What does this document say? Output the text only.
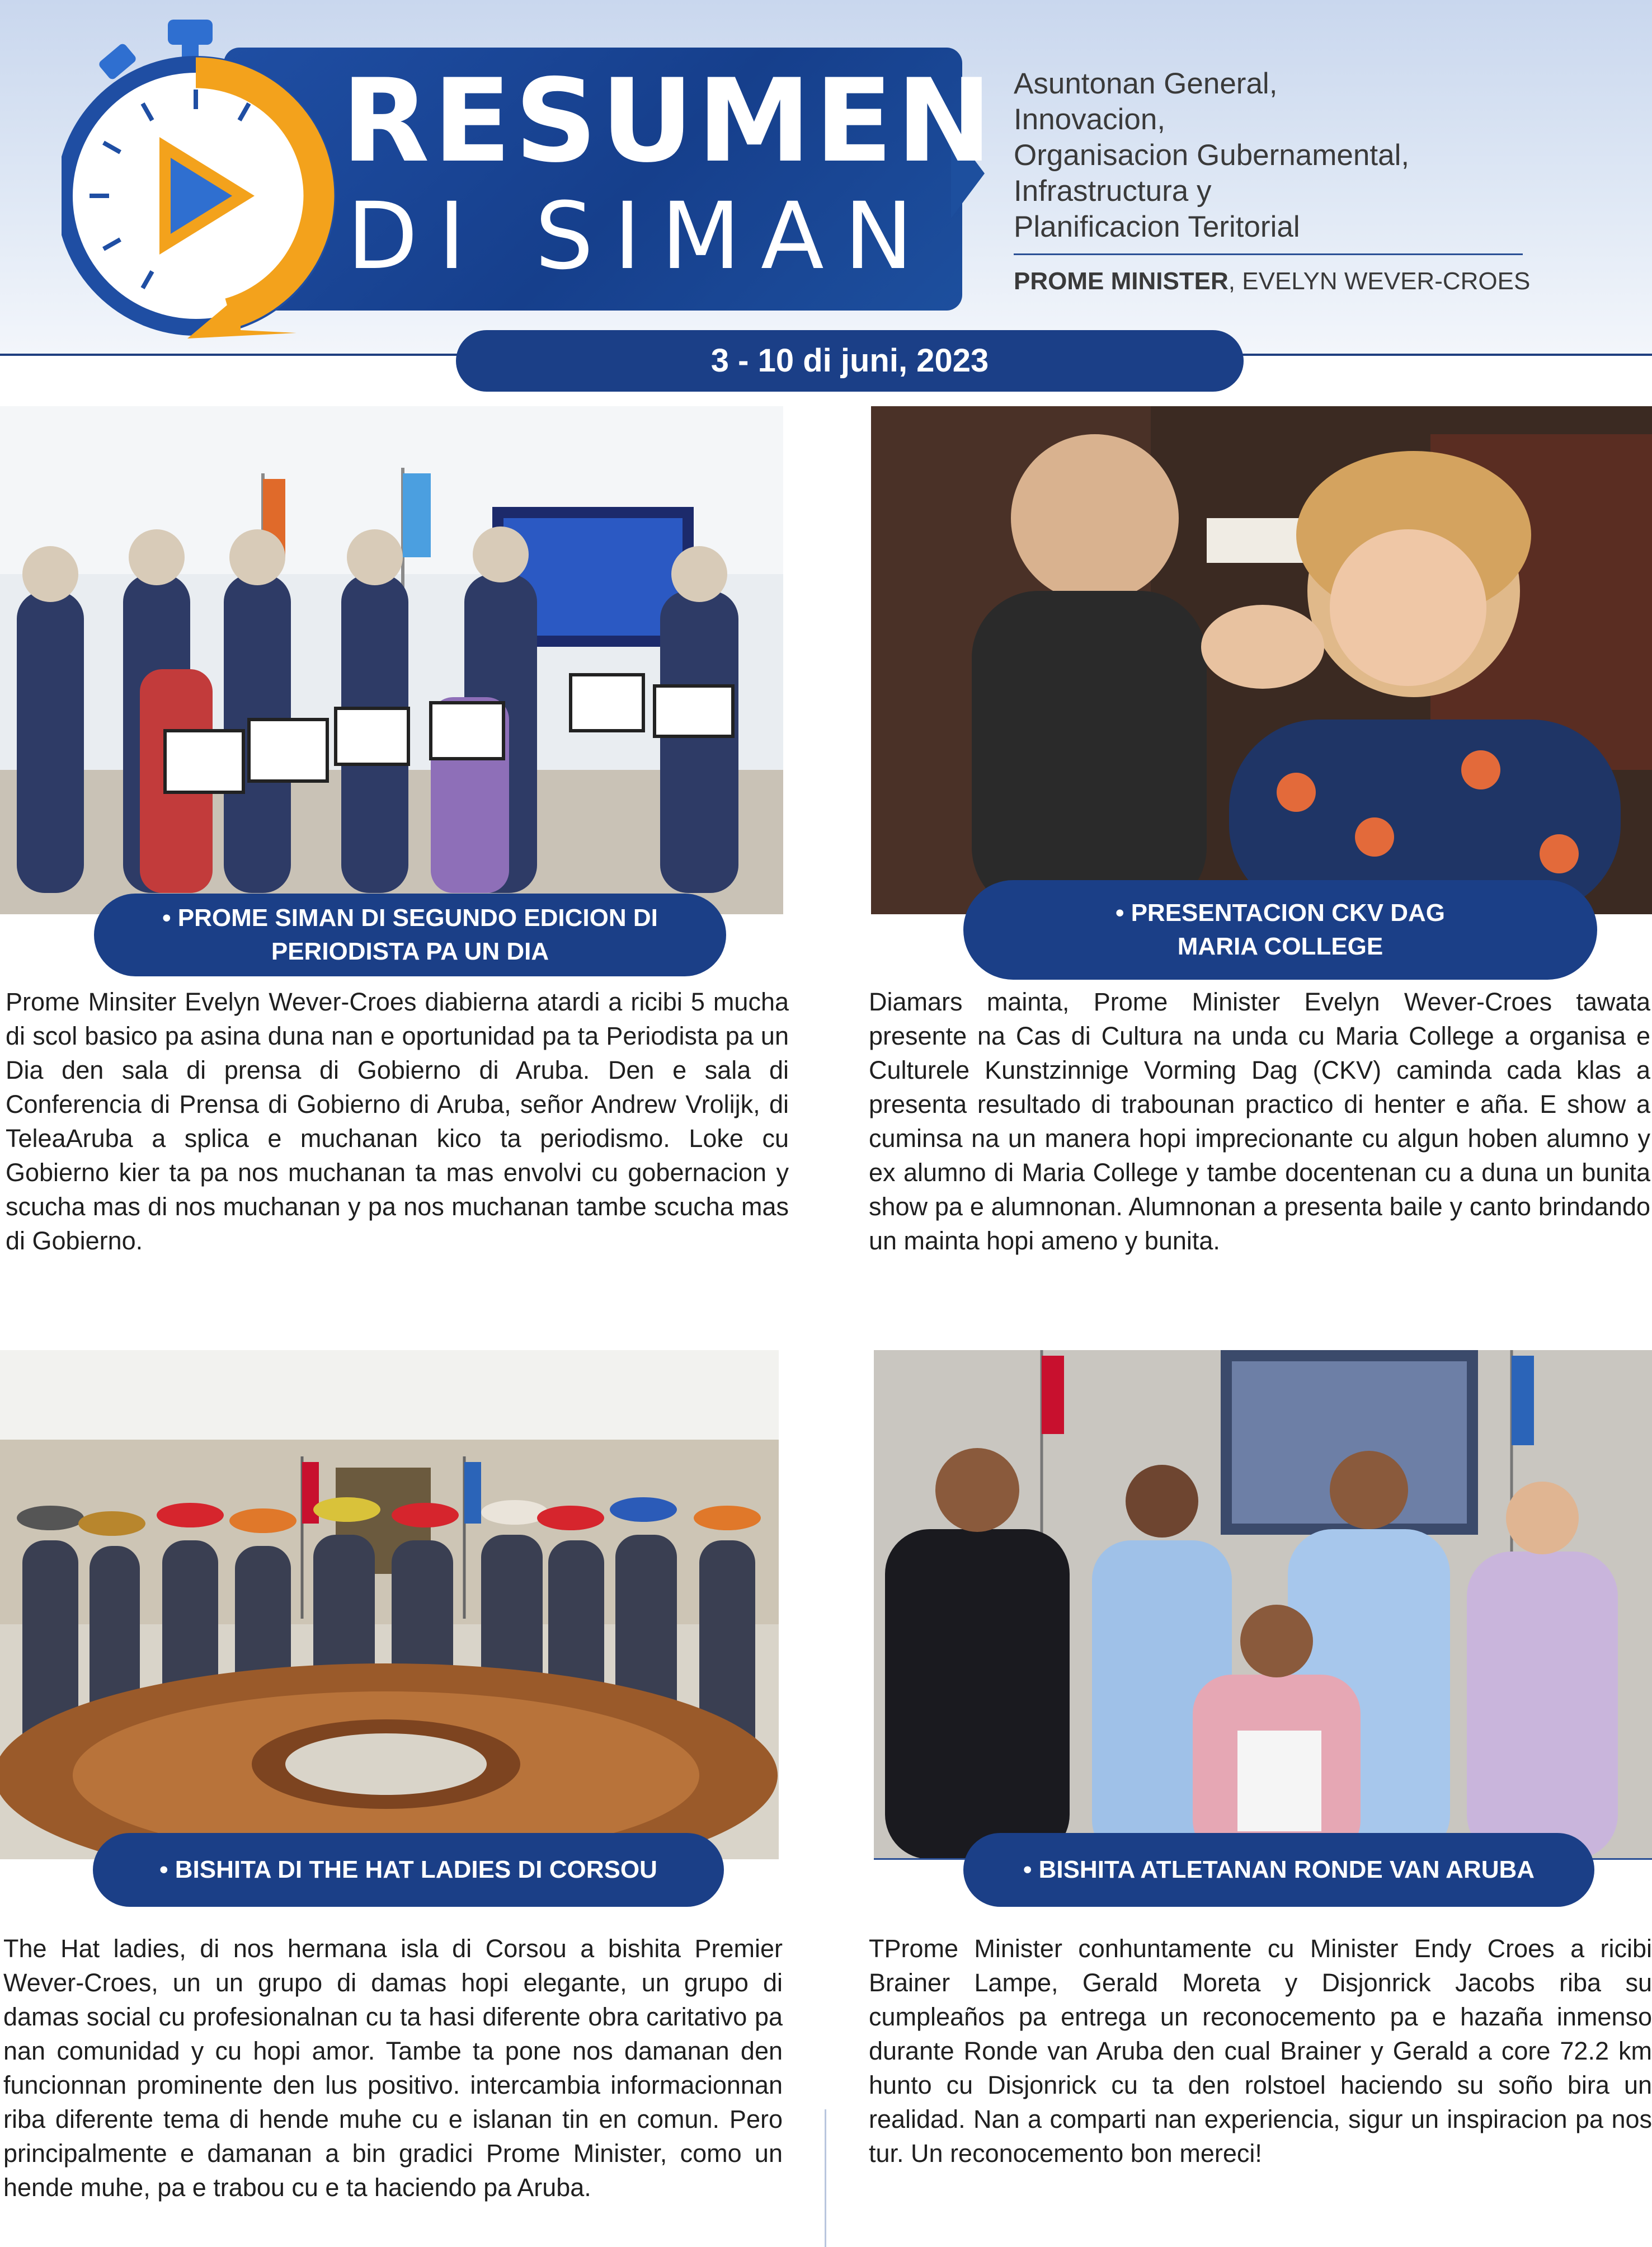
RESUMEN
DI SIMAN
Asuntonan General,
Innovacion,
Organisacion Gubernamental,
Infrastructura y
Planificacion Teritorial
PROME MINISTER, EVELYN WEVER-CROES
3 - 10 di juni, 2023
• PROME SIMAN DI SEGUNDO EDICION DI
PERIODISTA PA UN DIA
Prome Minsiter Evelyn Wever-Croes diabierna atardi a ricibi 5 mucha di scol basico pa asina duna nan e oportunidad pa ta Periodista pa un Dia den sala di prensa di Gobierno di Aruba. Den e sala di Conferencia di Prensa di Gobierno di Aruba, señor Andrew Vrolijk, di TeleaAruba a splica e muchanan kico ta periodismo. Loke cu Gobierno kier ta pa nos muchanan ta mas envolvi cu gobernacion y scucha mas di nos muchanan y pa nos muchanan tambe scucha mas di Gobierno.
• PRESENTACION CKV DAG
MARIA COLLEGE
Diamars mainta, Prome Minister Evelyn Wever-Croes tawata presente na Cas di Cultura na unda cu Maria College a organisa e Culturele Kunstzinnige Vorming Dag (CKV) caminda cada klas a presenta resultado di trabounan practico di henter e aña. E show a cuminsa na un manera hopi imprecionante cu algun hoben alumno y ex alumno di Maria College y tambe docentenan cu a duna un bunita show pa e alumnonan. Alumnonan a presenta baile y canto brindando un mainta hopi ameno y bunita.
• BISHITA DI THE HAT LADIES DI CORSOU
The Hat ladies, di nos hermana isla di Corsou a bishita Premier Wever-Croes, un un grupo di damas hopi elegante, un grupo di damas social cu profesionalnan cu ta hasi diferente obra caritativo pa nan comunidad y cu hopi amor. Tambe ta pone nos damanan den funcionnan prominente den lus positivo. intercambia informacionnan riba diferente tema di hende muhe cu e islanan tin en comun. Pero principalmente e damanan a bin gradici Prome Minister, como un hende muhe, pa e trabou cu e ta haciendo pa Aruba.
• BISHITA ATLETANAN RONDE VAN ARUBA
TProme Minister conhuntamente cu Minister Endy Croes a ricibi Brainer Lampe, Gerald Moreta y Disjonrick Jacobs riba su cumpleaños pa entrega un reconocemento pa e hazaña inmenso durante Ronde van Aruba den cual Brainer y Gerald a core 72.2 km hunto cu Disjonrick cu ta den rolstoel haciendo su soño bira un realidad. Nan a comparti nan experiencia, sigur un inspiracion pa nos tur. Un reconocemento bon mereci!
